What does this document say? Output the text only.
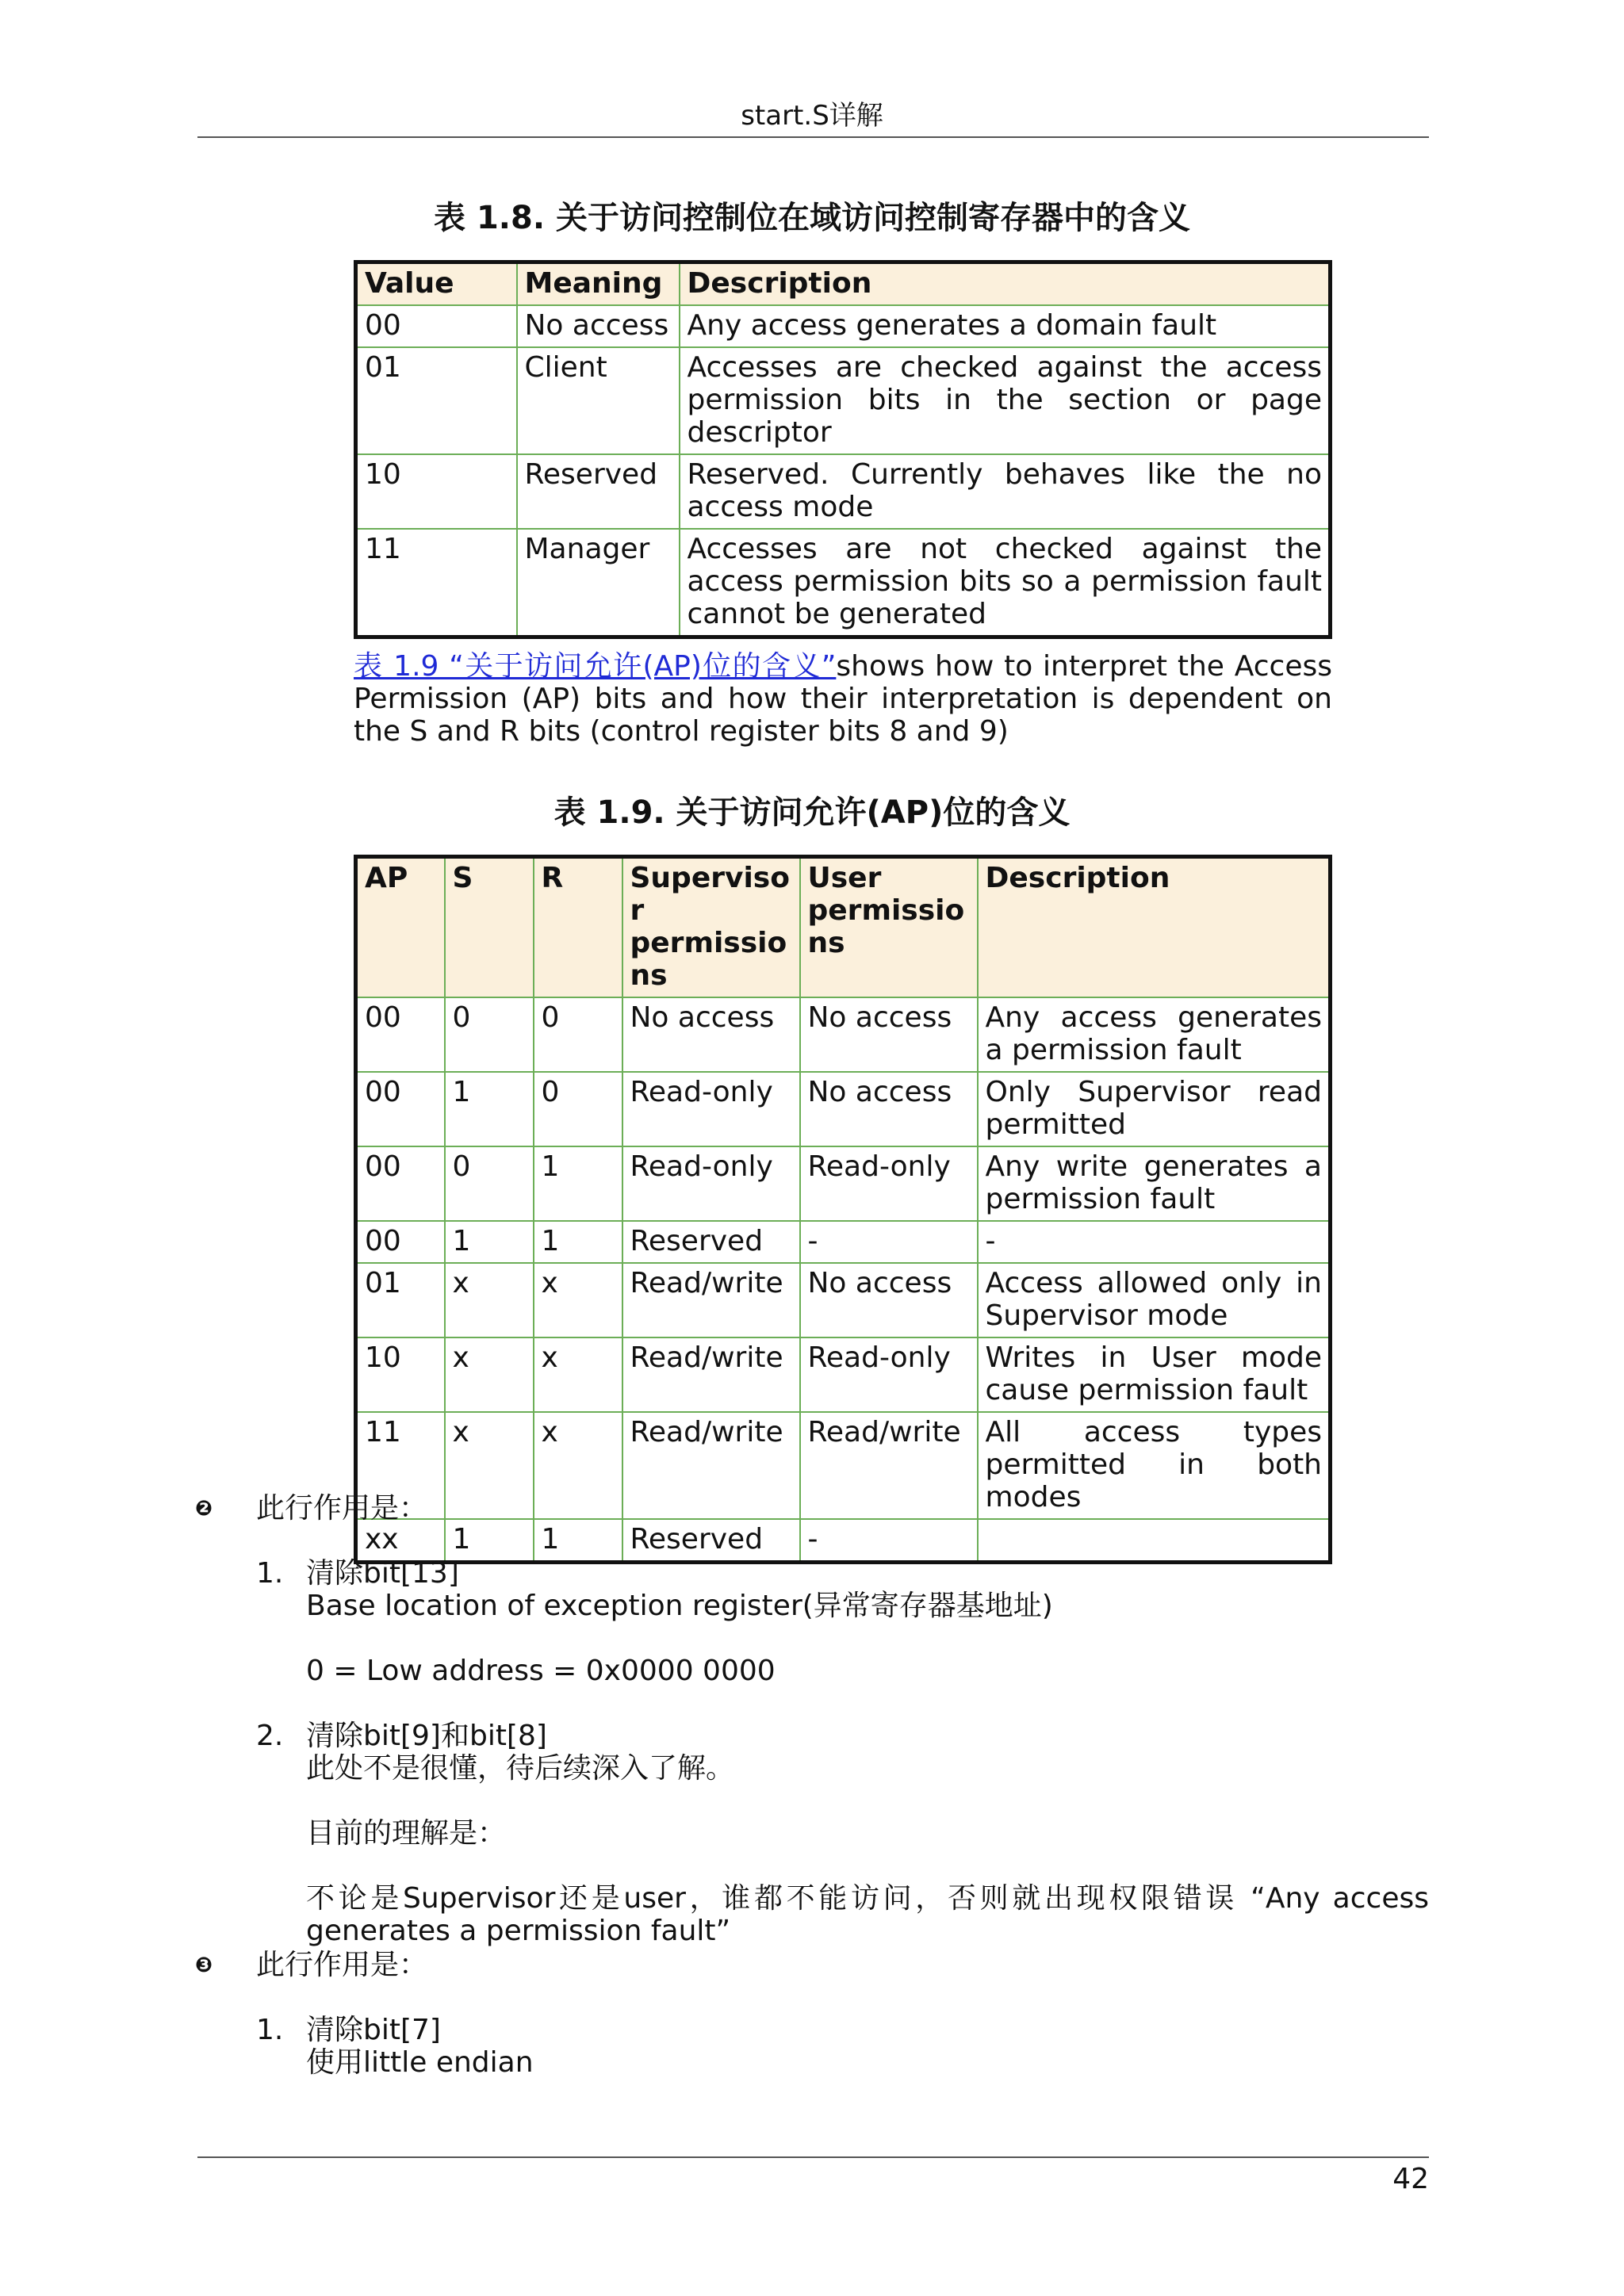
start.S详解
表 1.8. 关于访问控制位在域访问控制寄存器中的含义
Value	Meaning	Description
00	No access	Any access generates a domain fault
01	Client	Accesses are checked against the access permission bits in the section or page descriptor
10	Reserved	Reserved. Currently behaves like the no access mode
11	Manager	Accesses are not checked against the access permission bits so a permission fault cannot be generated
表 1.9 “关于访问允许(AP)位的含义”shows how to interpret the Access Permission (AP) bits and how their interpretation is dependent on the S and R bits (control register bits 8 and 9)
表 1.9. 关于访问允许(AP)位的含义
AP	S	R	Supervisor permissions	User permissions	Description
00	0	0	No access	No access	Any access generates a permission fault
00	1	0	Read-only	No access	Only Supervisor read permitted
00	0	1	Read-only	Read-only	Any write generates a permission fault
00	1	1	Reserved	-	-
01	x	x	Read/write	No access	Access allowed only in Supervisor mode
10	x	x	Read/write	Read-only	Writes in User mode cause permission fault
11	x	x	Read/write	Read/write	All access types permitted in both modes
xx	1	1	Reserved	-	
❷ 此行作用是：
1. 清除bit[13]
Base location of exception register(异常寄存器基地址)
0 = Low address = 0x0000 0000
2. 清除bit[9]和bit[8]
此处不是很懂，待后续深入了解。
目前的理解是：
不论是Supervisor还是user，谁都不能访问，否则就出现权限错误 “Any access generates a permission fault”
❸ 此行作用是：
1. 清除bit[7]
使用little endian
42
